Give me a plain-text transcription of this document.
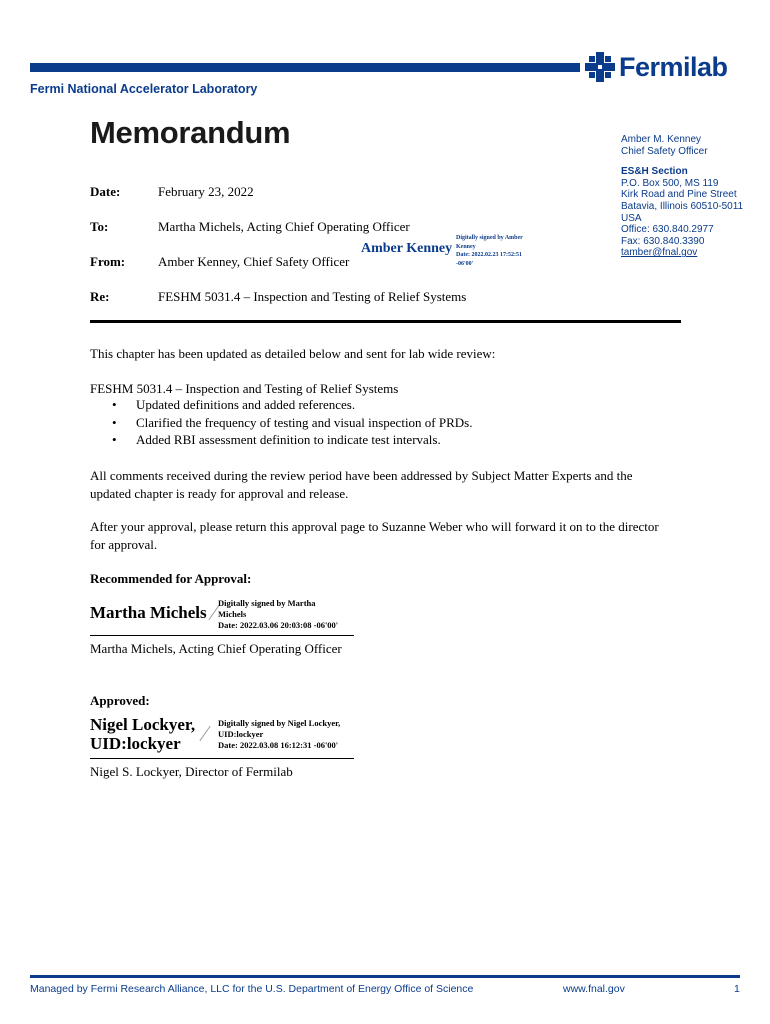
Fermilab
Fermi National Accelerator Laboratory
Memorandum	Amber M. Kenney
Chief Safety Officer
ES&H Section
P.O. Box 500, MS 119
Kirk Road and Pine Street
Batavia, Illinois 60510-5011
USA
Office: 630.840.2977
Fax: 630.840.3390
tamber@fnal.gov
Date:	February 23, 2022
To:	Martha Michels, Acting Chief Operating Officer
From:	Amber Kenney, Chief Safety Officer
Amber Kenney
Digitally signed by Amber
Kenney
Date: 2022.02.23 17:52:51
-06'00'
Re:	FESHM 5031.4 – Inspection and Testing of Relief Systems
This chapter has been updated as detailed below and sent for lab wide review:
FESHM 5031.4 – Inspection and Testing of Relief Systems
• Updated definitions and added references.
• Clarified the frequency of testing and visual inspection of PRDs.
• Added RBI assessment definition to indicate test intervals.
All comments received during the review period have been addressed by Subject Matter Experts and the updated chapter is ready for approval and release.
After your approval, please return this approval page to Suzanne Weber who will forward it on to the director for approval.
Recommended for Approval:
Martha Michels Digitally signed by Martha
Michels
Date: 2022.03.06 20:03:08 -06'00'
Martha Michels, Acting Chief Operating Officer
Approved:
Nigel Lockyer,
UID:lockyer
Digitally signed by Nigel Lockyer,
UID:lockyer
Date: 2022.03.08 16:12:31 -06'00'
Nigel S. Lockyer, Director of Fermilab
Managed by Fermi Research Alliance, LLC for the U.S. Department of Energy Office of Science	www.fnal.gov	1
